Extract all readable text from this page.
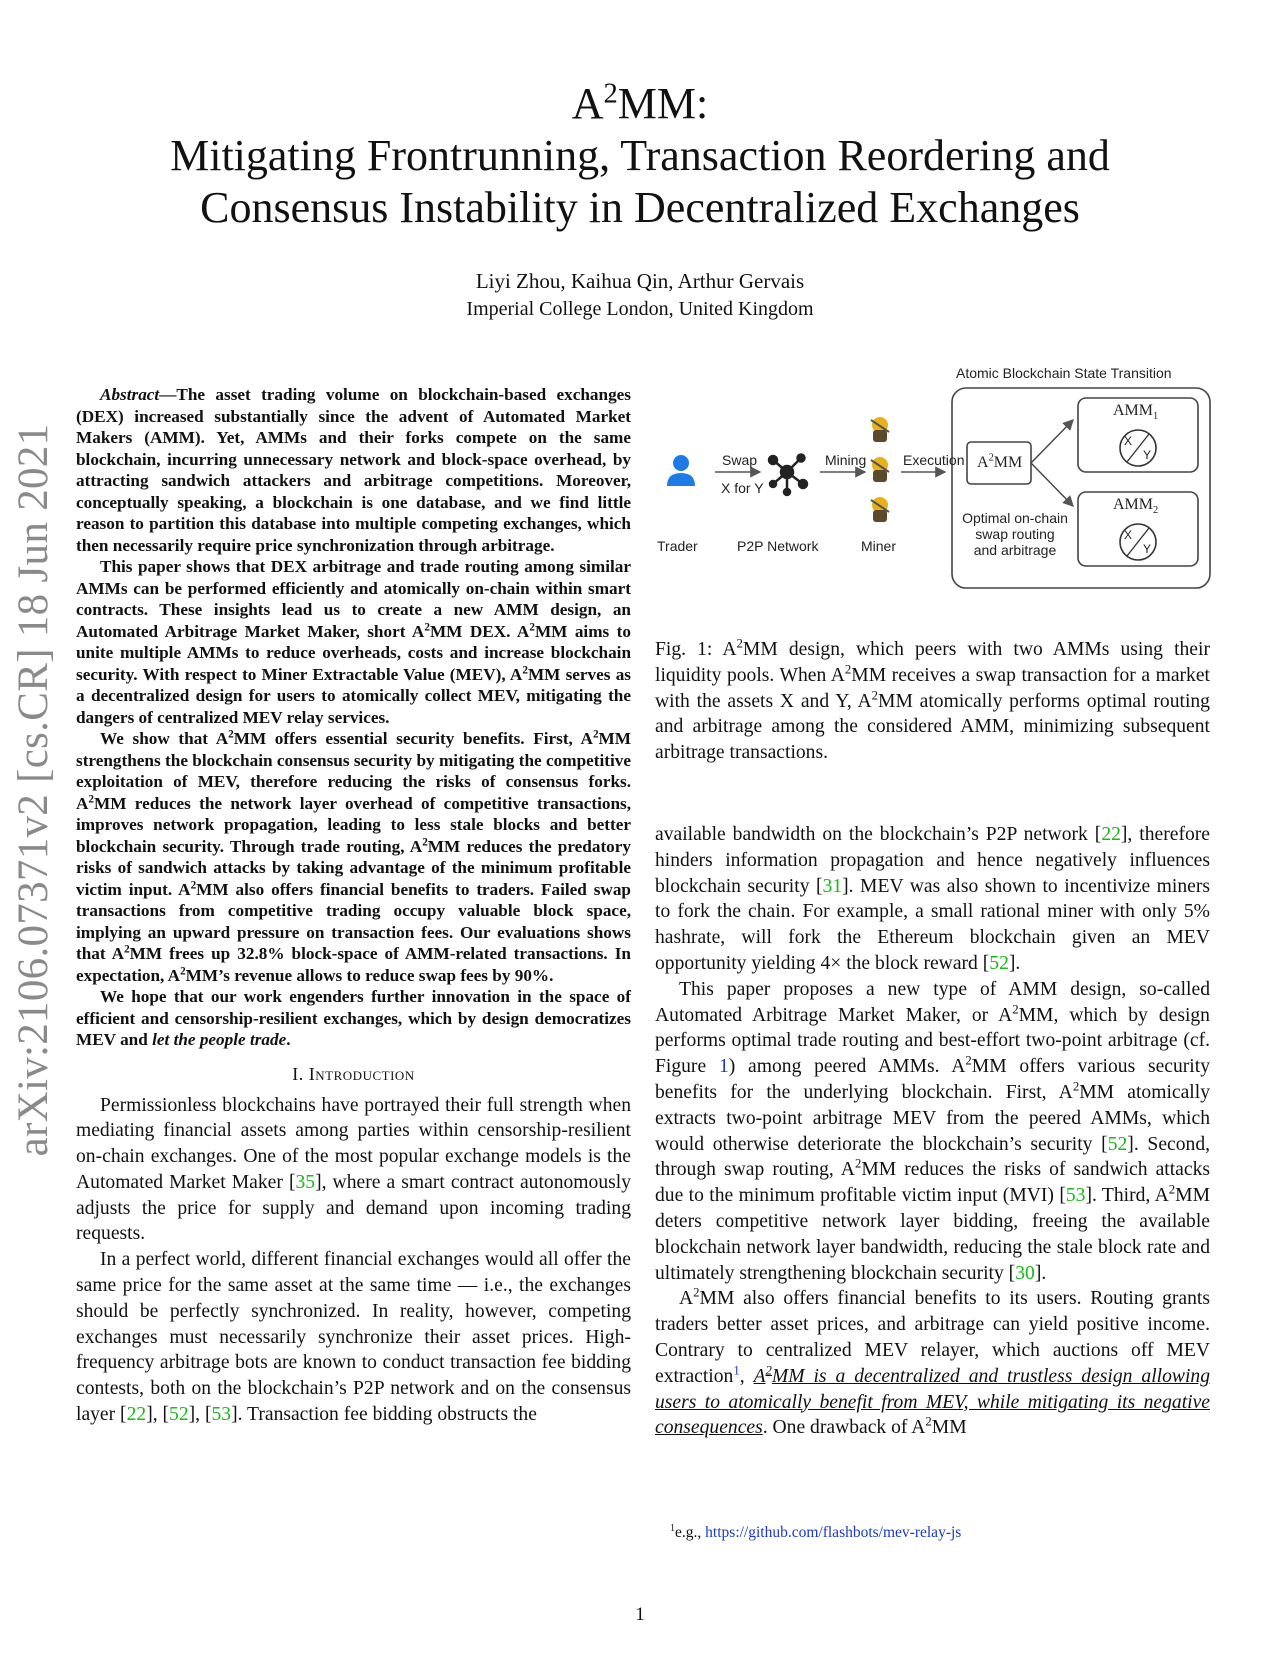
arXiv:2106.07371v2 [cs.CR] 18 Jun 2021
$A^2MM$:
Mitigating Frontrunning, Transaction Reordering and
Consensus Instability in Decentralized Exchanges
Liyi Zhou, Kaihua Qin, Arthur Gervais
Imperial College London, United Kingdom

Abstract—The asset trading volume on blockchain-based exchanges (DEX) increased substantially since the advent of Automated Market Makers (AMM). Yet, AMMs and their forks compete on the same blockchain, incurring unnecessary network and block-space overhead, by attracting sandwich attackers and arbitrage competitions. Moreover, conceptually speaking, a blockchain is one database, and we find little reason to partition this database into multiple competing exchanges, which then necessarily require price synchronization through arbitrage.

This paper shows that DEX arbitrage and trade routing among similar AMMs can be performed efficiently and atomically on-chain within smart contracts. These insights lead us to create a new AMM design, an Automated Arbitrage Market Maker, short $A^2MM$ DEX. $A^2MM$ aims to unite multiple AMMs to reduce overheads, costs and increase blockchain security. With respect to Miner Extractable Value (MEV), $A^2MM$ serves as a decentralized design for users to atomically collect MEV, mitigating the dangers of centralized MEV relay services.

We show that $A^2MM$ offers essential security benefits. First, $A^2MM$ strengthens the blockchain consensus security by mitigating the competitive exploitation of MEV, therefore reducing the risks of consensus forks. $A^2MM$ reduces the network layer overhead of competitive transactions, improves network propagation, leading to less stale blocks and better blockchain security. Through trade routing, $A^2MM$ reduces the predatory risks of sandwich attacks by taking advantage of the minimum profitable victim input. $A^2MM$ also offers financial benefits to traders. Failed swap transactions from competitive trading occupy valuable block space, implying an upward pressure on transaction fees. Our evaluations shows that $A^2MM$ frees up 32.8% block-space of AMM-related transactions. In expectation, $A^2MM’s$ revenue allows to reduce swap fees by 90%.

We hope that our work engenders further innovation in the space of efficient and censorship-resilient exchanges, which by design democratizes MEV and let the people trade.

I. Introduction

Permissionless blockchains have portrayed their full strength when mediating financial assets among parties within censorship-resilient on-chain exchanges. One of the most popular exchange models is the Automated Market Maker [35], where a smart contract autonomously adjusts the price for supply and demand upon incoming trading requests.

In a perfect world, different financial exchanges would all offer the same price for the same asset at the same time — i.e., the exchanges should be perfectly synchronized. In reality, however, competing exchanges must necessarily synchronize their asset prices. High-frequency arbitrage bots are known to conduct transaction fee bidding contests, both on the blockchain’s P2P network and on the consensus layer [22], [52], [53]. Transaction fee bidding obstructs the

Atomic Blockchain State Transition
Swap
X for Y
Mining	Execution
Trader	P2P Network	Miner
$A^2MM$
Optimal on-chain
swap routing
and arbitrage
$AMM_1$
$AMM_2$
X
Y
X
Y
Fig. 1: $A^2MM$ design, which peers with two AMMs using their liquidity pools. When $A^2MM$ receives a swap transaction for a market with the assets X and Y, $A^2MM$ atomically performs optimal routing and arbitrage among the considered AMM, minimizing subsequent arbitrage transactions.

available bandwidth on the blockchain’s P2P network [22], therefore hinders information propagation and hence negatively influences blockchain security [31]. MEV was also shown to incentivize miners to fork the chain. For example, a small rational miner with only 5% hashrate, will fork the Ethereum blockchain given an MEV opportunity yielding 4× the block reward [52].

This paper proposes a new type of AMM design, so-called Automated Arbitrage Market Maker, or $A^2MM$, which by design performs optimal trade routing and best-effort two-point arbitrage (cf. Figure 1) among peered AMMs. $A^2MM$ offers various security benefits for the underlying blockchain. First, $A^2MM$ atomically extracts two-point arbitrage MEV from the peered AMMs, which would otherwise deteriorate the blockchain’s security [52]. Second, through swap routing, $A^2MM$ reduces the risks of sandwich attacks due to the minimum profitable victim input (MVI) [53]. Third, $A^2MM$ deters competitive network layer bidding, freeing the available blockchain network layer bandwidth, reducing the stale block rate and ultimately strengthening blockchain security [30].

$A^2MM$ also offers financial benefits to its users. Routing grants traders better asset prices, and arbitrage can yield positive income. Contrary to centralized MEV relayer, which auctions off MEV extraction$^1$, $A^2MM$ is a decentralized and trustless design allowing users to atomically benefit from MEV, while mitigating its negative consequences. One drawback of $A^2MM$

$^1$e.g., https://github.com/flashbots/mev-relay-js
1
